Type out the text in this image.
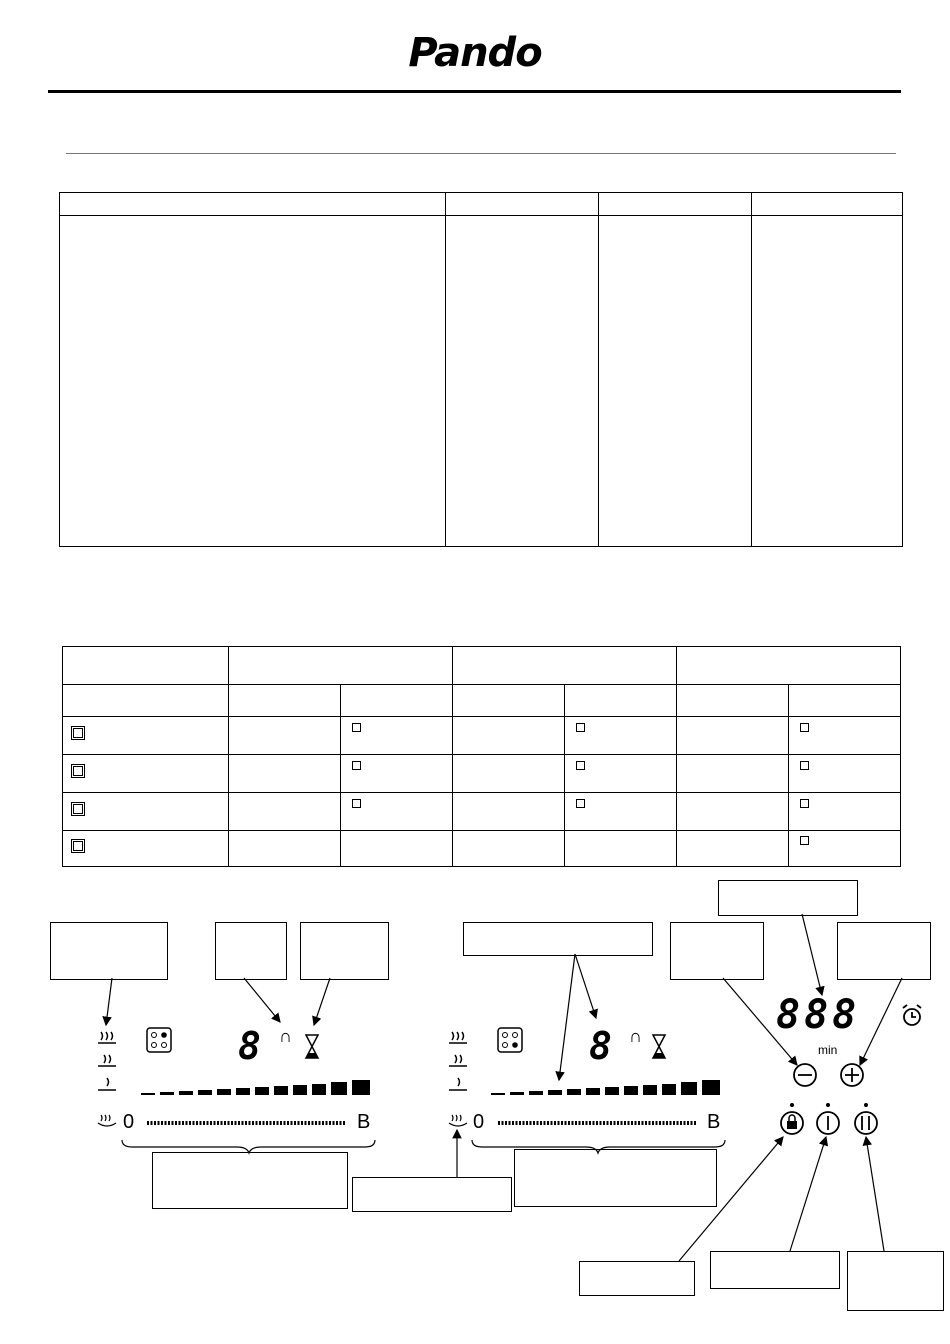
Pando

8 ∩
0	B
8 ∩
0	B
888
min
